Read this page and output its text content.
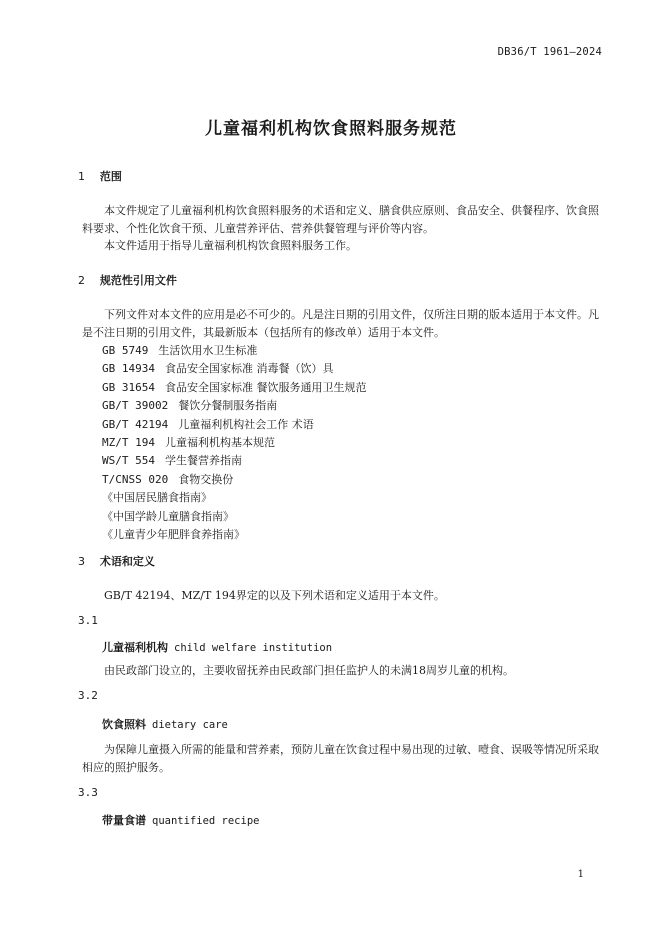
DB36/T 1961—2024
儿童福利机构饮食照料服务规范
1 范围

本文件规定了儿童福利机构饮食照料服务的术语和定义、膳食供应原则、食品安全、供餐程序、饮食照料要求、个性化饮食干预、儿童营养评估、营养供餐管理与评价等内容。

本文件适用于指导儿童福利机构饮食照料服务工作。

2 规范性引用文件

下列文件对本文件的应用是必不可少的。凡是注日期的引用文件，仅所注日期的版本适用于本文件。凡是不注日期的引用文件，其最新版本（包括所有的修改单）适用于本文件。

GB 5749 生活饮用水卫生标准
GB 14934 食品安全国家标准 消毒餐（饮）具
GB 31654 食品安全国家标准 餐饮服务通用卫生规范
GB/T 39002 餐饮分餐制服务指南
GB/T 42194 儿童福利机构社会工作 术语
MZ/T 194 儿童福利机构基本规范
WS/T 554 学生餐营养指南
T/CNSS 020 食物交换份
《中国居民膳食指南》
《中国学龄儿童膳食指南》
《儿童青少年肥胖食养指南》
3 术语和定义

GB/T 42194、MZ/T 194界定的以及下列术语和定义适用于本文件。

3.1
儿童福利机构 child welfare institution

由民政部门设立的，主要收留抚养由民政部门担任监护人的未满18周岁儿童的机构。

3.2
饮食照料 dietary care

为保障儿童摄入所需的能量和营养素，预防儿童在饮食过程中易出现的过敏、噎食、误吸等情况所采取相应的照护服务。

3.3
带量食谱 quantified recipe
1
